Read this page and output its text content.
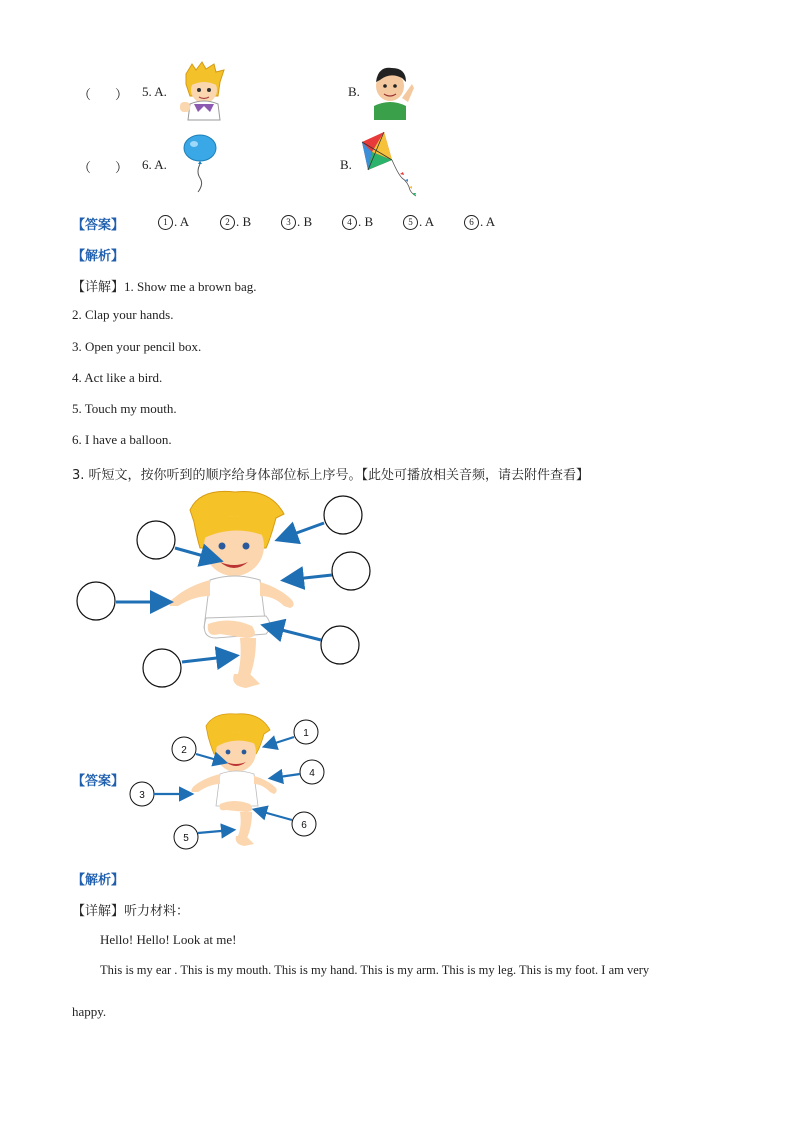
（ ） 5. A.	B.
（ ） 6. A.	B.
【答案】	1 . A	2 . B	3 . B	4 . B	5 . A	6 . A
【解析】
【详解】1. Show me a brown bag.
2. Clap your hands.
3. Open your pencil box.
4. Act like a bird.
5. Touch my mouth.
6. I have a balloon.
3. 听短文，按你听到的顺序给身体部位标上序号。【此处可播放相关音频，请去附件查看】
【答案】
1
2
3
4
5
6
【解析】
【详解】听力材料：
Hello! Hello! Look at me!
This is my ear . This is my mouth. This is my hand. This is my arm. This is my leg. This is my foot. I am very
happy.
